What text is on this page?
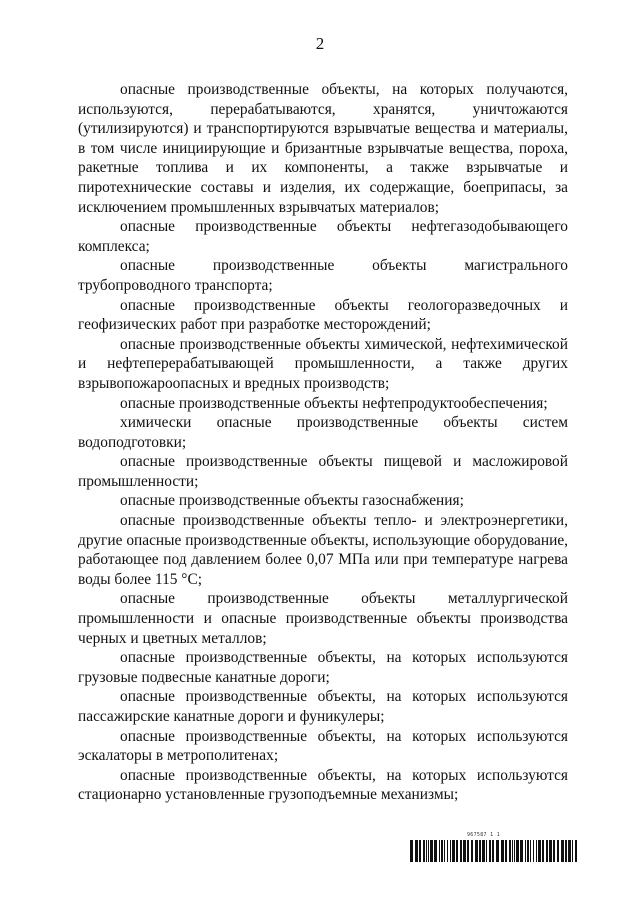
2

опасные производственные объекты, на которых получаются, используются, перерабатываются, хранятся, уничтожаются (утилизируются) и транспортируются взрывчатые вещества и материалы, в том числе инициирующие и бризантные взрывчатые вещества, пороха, ракетные топлива и их компоненты, а также взрывчатые и пиротехнические составы и изделия, их содержащие, боеприпасы, за исключением промышленных взрывчатых материалов;

опасные производственные объекты нефтегазодобывающего комплекса;

опасные производственные объекты магистрального трубопроводного транспорта;

опасные производственные объекты геологоразведочных и геофизических работ при разработке месторождений;

опасные производственные объекты химической, нефтехимической и нефтеперерабатывающей промышленности, а также других взрывопожароопасных и вредных производств;

опасные производственные объекты нефтепродуктообеспечения;

химически опасные производственные объекты систем водоподготовки;

опасные производственные объекты пищевой и масложировой промышленности;

опасные производственные объекты газоснабжения;

опасные производственные объекты тепло- и электроэнергетики, другие опасные производственные объекты, использующие оборудование, работающее под давлением более 0,07 МПа или при температуре нагрева воды более 115 °С;

опасные производственные объекты металлургической промышленности и опасные производственные объекты производства черных и цветных металлов;

опасные производственные объекты, на которых используются грузовые подвесные канатные дороги;

опасные производственные объекты, на которых используются пассажирские канатные дороги и фуникулеры;

опасные производственные объекты, на которых используются эскалаторы в метрополитенах;

опасные производственные объекты, на которых используются стационарно установленные грузоподъемные механизмы;

967587 1 1
